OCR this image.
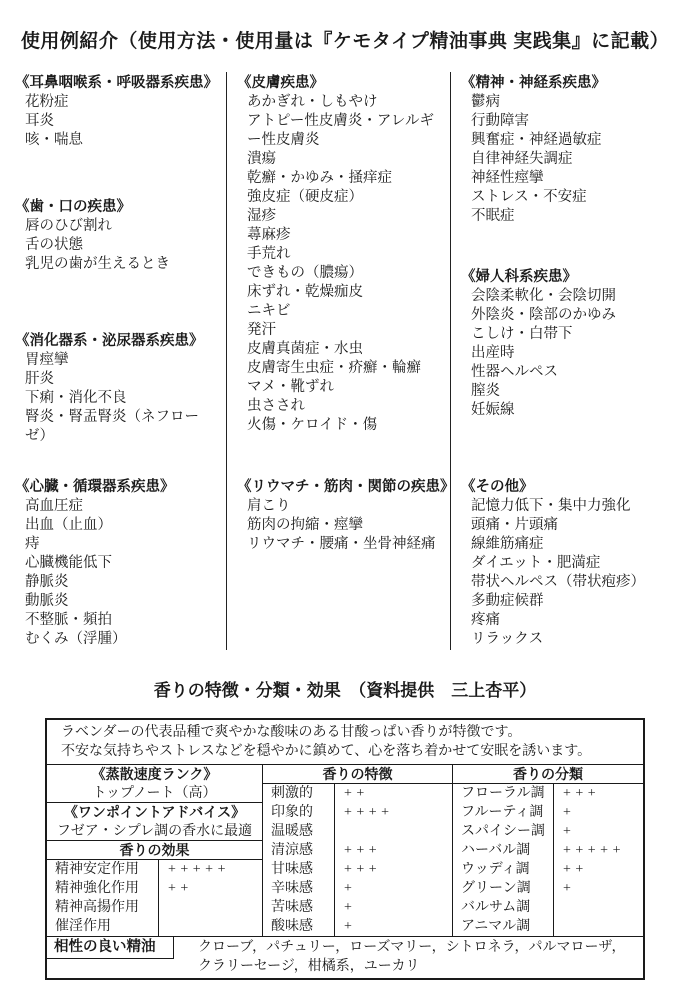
使用例紹介（使用方法・使用量は『ケモタイプ精油事典 実践集』に記載）
《耳鼻咽喉系・呼吸器系疾患》
花粉症
耳炎
咳・喘息
《歯・口の疾患》
唇のひび割れ
舌の状態
乳児の歯が生えるとき
《消化器系・泌尿器系疾患》
胃痙攣
肝炎
下痢・消化不良
腎炎・腎盂腎炎（ネフローゼ）
《心臓・循環器系疾患》
高血圧症
出血（止血）
痔
心臓機能低下
静脈炎
動脈炎
不整脈・頻拍
むくみ（浮腫）
《皮膚疾患》
あかぎれ・しもやけ
アトピー性皮膚炎・アレルギー性皮膚炎
潰瘍
乾癬・かゆみ・掻痒症
強皮症（硬皮症）
湿疹
蕁麻疹
手荒れ
できもの（膿瘍）
床ずれ・乾燥痂皮
ニキビ
発汗
皮膚真菌症・水虫
皮膚寄生虫症・疥癬・輪癬
マメ・靴ずれ
虫さされ
火傷・ケロイド・傷
《リウマチ・筋肉・関節の疾患》
肩こり
筋肉の拘縮・痙攣
リウマチ・腰痛・坐骨神経痛
《精神・神経系疾患》
鬱病
行動障害
興奮症・神経過敏症
自律神経失調症
神経性痙攣
ストレス・不安症
不眠症
《婦人科系疾患》
会陰柔軟化・会陰切開
外陰炎・陰部のかゆみ
こしけ・白帯下
出産時
性器ヘルペス
膣炎
妊娠線
《その他》
記憶力低下・集中力強化
頭痛・片頭痛
線維筋痛症
ダイエット・肥満症
帯状ヘルペス（帯状疱疹）
多動症候群
疼痛
リラックス
香りの特徴・分類・効果　（資料提供　三上杏平）
ラベンダーの代表品種で爽やかな酸味のある甘酸っぱい香りが特徴です。
不安な気持ちやストレスなどを穏やかに鎮めて、心を落ち着かせて安眠を誘います。
《蒸散速度ランク》
トップノート（高）
《ワンポイントアドバイス》
フゼア・シプレ調の香水に最適
香りの効果
精神安定作用	+++++
精神強化作用	++
精神高揚作用
催淫作用
香りの特徴
刺激的	++
印象的	++++
温暖感
清涼感	+++
甘味感	+++
辛味感	+
苦味感	+
酸味感	+
香りの分類
フローラル調	+++
フルーティ調	+
スパイシー調	+
ハーバル調	+++++
ウッディ調	++
グリーン調	+
バルサム調
アニマル調
相性の良い精油	クローブ，パチュリー，ローズマリー，シトロネラ，パルマローザ，
クラリーセージ，柑橘系，ユーカリ
